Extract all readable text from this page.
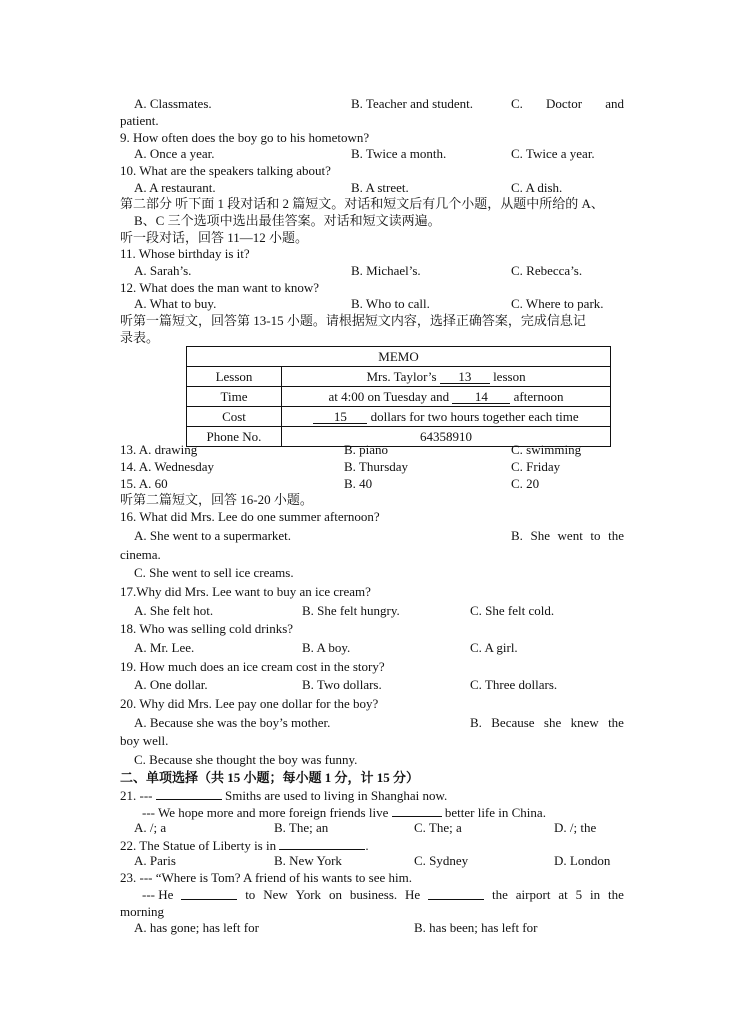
A. Classmates.	B. Teacher and student.	C. Doctor and
patient.
9. How often does the boy go to his hometown?
A. Once a year.	B. Twice a month.	C. Twice a year.
10. What are the speakers talking about?
A. A restaurant.	B. A street.	C. A dish.
第二部分 听下面 1 段对话和 2 篇短文。对话和短文后有几个小题，从题中所给的 A、
B、C 三个选项中选出最佳答案。对话和短文读两遍。
听一段对话，回答 11—12 小题。
11. Whose birthday is it?
A. Sarah’s.	B. Michael’s.	C. Rebecca’s.
12. What does the man want to know?
A. What to buy.	B. Who to call.	C. Where to park.
听第一篇短文，回答第 13-15 小题。请根据短文内容，选择正确答案，完成信息记
录表。
MEMO	
Lesson	Mrs. Taylor’s 13 lesson
Time	at 4:00 on Tuesday and 14 afternoon
Cost	15 dollars for two hours together each time
Phone No.	64358910
13. A. drawing	B. piano	C. swimming
14. A. Wednesday	B. Thursday	C. Friday
15. A. 60	B. 40	C. 20
听第二篇短文，回答 16-20 小题。
16. What did Mrs. Lee do one summer afternoon?
A. She went to a supermarket.	B. She went to the
cinema.
C. She went to sell ice creams.
17.Why did Mrs. Lee want to buy an ice cream?
A. She felt hot.	B. She felt hungry.	C. She felt cold.
18. Who was selling cold drinks?
A. Mr. Lee.	B. A boy.	C. A girl.
19. How much does an ice cream cost in the story?
A. One dollar.	B. Two dollars.	C. Three dollars.
20. Why did Mrs. Lee pay one dollar for the boy?
A. Because she was the boy’s mother.	B. Because she knew the
boy well.
C. Because she thought the boy was funny.
二、单项选择（共 15 小题；每小题 1 分，计 15 分）
21. ---	Smiths are used to living in Shanghai now.
--- We hope more and more foreign friends live	better life in China.
A. /; a	B. The; an	C. The; a	D. /; the
22. The Statue of Liberty is in	.
A. Paris	B. New York	C. Sydney	D. London
23. --- “Where is Tom? A friend of his wants to see him.
--- He	to New York on business. He	the airport at 5 in the
morning
A. has gone; has left for	B. has been; has left for
